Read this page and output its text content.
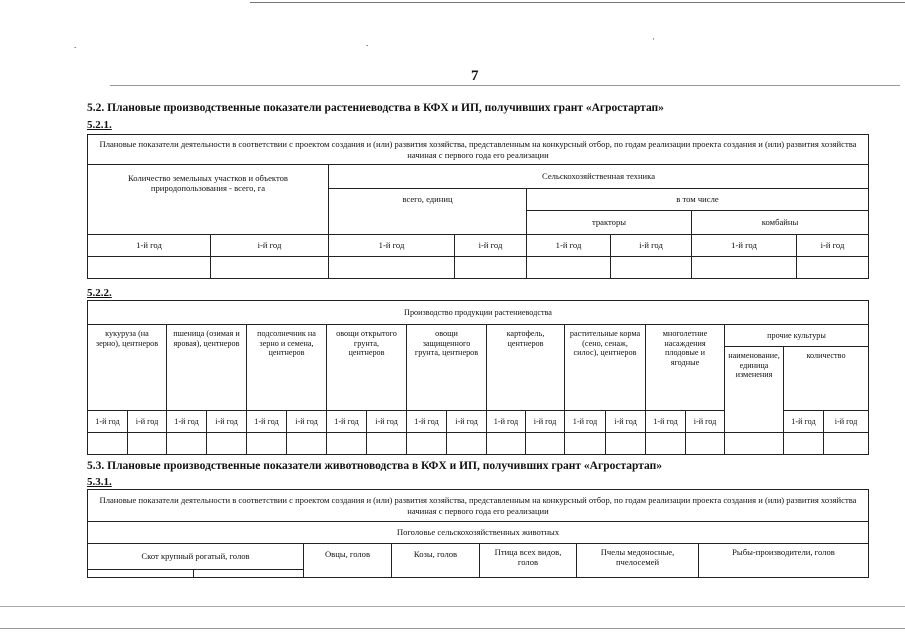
.	.	·
7
5.2. Плановые производственные показатели растениеводства в КФХ и ИП, получивших грант «Агростартап»
5.2.1.
Плановые показатели деятельности в соответствии с проектом создания и (или) развития хозяйства, представленным на конкурсный отбор, по годам реализации проекта создания и (или) развития хозяйства начиная с первого года его реализации							
Количество земельных участков и объектов природопользования - всего, га		Сельскохозяйственная техника					
		всего, единиц		в том числе			
				тракторы		комбайны	
1-й год	i-й год	1-й год	i-й год	1-й год	i-й год	1-й год	i-й год

5.2.2.
Производство продукции растениеводства																		
кукуруза (на зерно), центнеров		пшеница (озимая и яровая), центнеров		подсолнечник на зерно и семена, центнеров		овощи открытого грунта, центнеров		овощи защищенного грунта, центнеров		картофель, центнеров		растительные корма (сено, сенаж, силос), центнеров		многолетние насаждения плодовые и ягодные		прочие культуры		
																наименование, единица изменения	количество	
1-й год	i-й год	1-й год	i-й год	1-й год	i-й год	1-й год	i-й год	1-й год	i-й год	1-й год	i-й год	1-й год	i-й год	1-й год	i-й год		1-й год	i-й год

5.3. Плановые производственные показатели животноводства в КФХ и ИП, получивших грант «Агростартап»
5.3.1.
Плановые показатели деятельности в соответствии с проектом создания и (или) развития хозяйства, представленным на конкурсный отбор, по годам реализации проекта создания и (или) развития хозяйства начиная с первого года его реализации						
Поголовье сельскохозяйственных животных						
Скот крупный рогатый, голов		Овцы, голов	Козы, голов	Птица всех видов, голов	Пчелы медоносные, пчелосемей	Рыбы-производители, голов
